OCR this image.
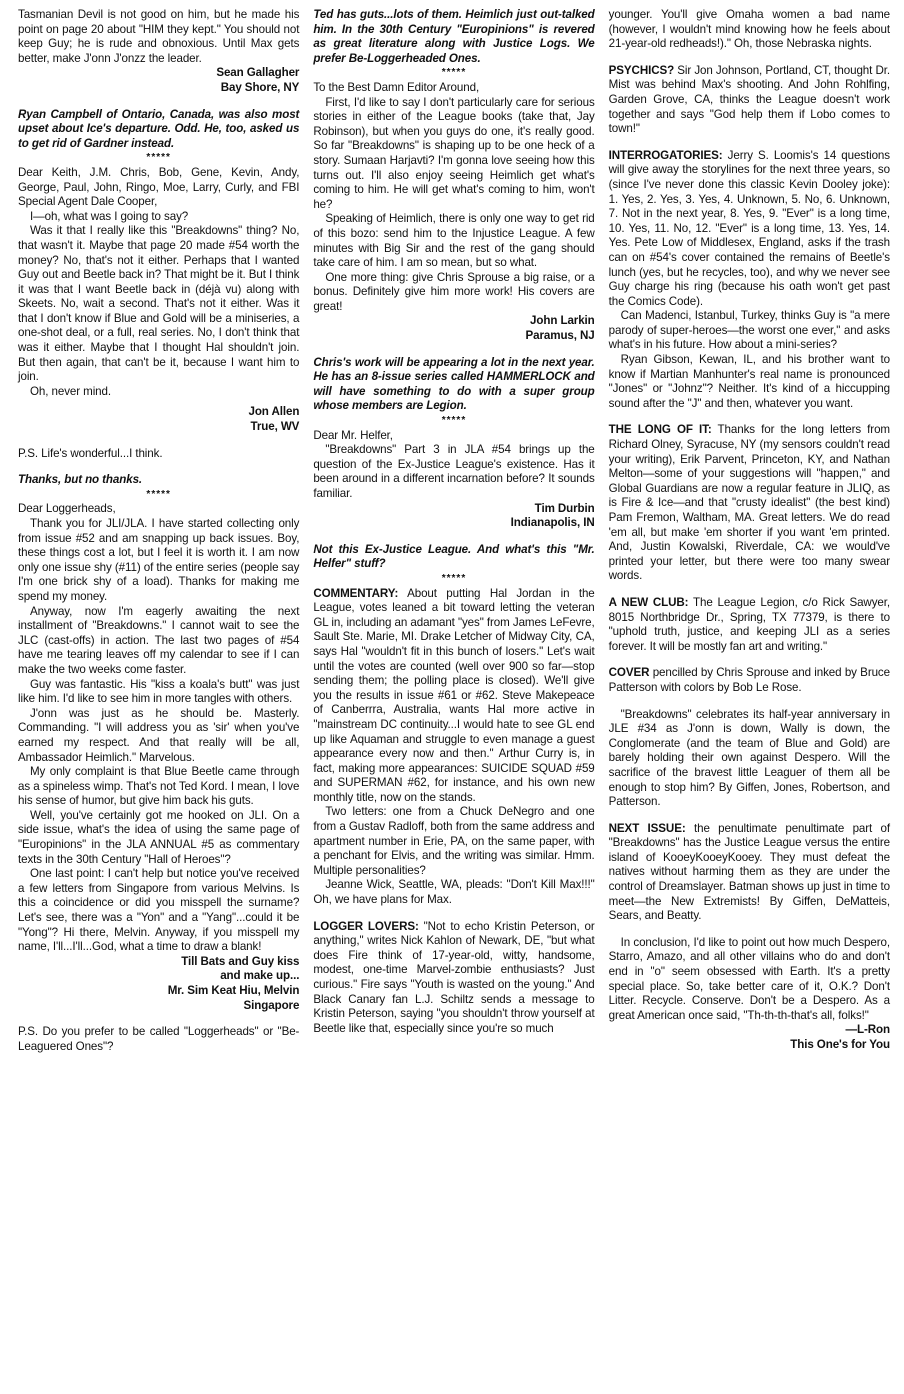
Tasmanian Devil is not good on him, but he made his point on page 20 about "HIM they kept." You should not keep Guy; he is rude and obnoxious. Until Max gets better, make J'onn J'onzz the leader.

Sean Gallagher

Bay Shore, NY

Ryan Campbell of Ontario, Canada, was also most upset about Ice's departure. Odd. He, too, asked us to get rid of Gardner instead.

*****

Dear Keith, J.M. Chris, Bob, Gene, Kevin, Andy, George, Paul, John, Ringo, Moe, Larry, Curly, and FBI Special Agent Dale Cooper,

I—oh, what was I going to say?

Was it that I really like this "Breakdowns" thing? No, that wasn't it. Maybe that page 20 made #54 worth the money? No, that's not it either. Perhaps that I wanted Guy out and Beetle back in? That might be it. But I think it was that I want Beetle back in (déjà vu) along with Skeets. No, wait a second. That's not it either. Was it that I don't know if Blue and Gold will be a miniseries, a one-shot deal, or a full, real series. No, I don't think that was it either. Maybe that I thought Hal shouldn't join. But then again, that can't be it, because I want him to join.

Oh, never mind.

Jon Allen

True, WV

P.S. Life's wonderful...I think.

Thanks, but no thanks.

*****

Dear Loggerheads,

Thank you for JLI/JLA. I have started collecting only from issue #52 and am snapping up back issues. Boy, these things cost a lot, but I feel it is worth it. I am now only one issue shy (#11) of the entire series (people say I'm one brick shy of a load). Thanks for making me spend my money.

Anyway, now I'm eagerly awaiting the next installment of "Breakdowns." I cannot wait to see the JLC (cast-offs) in action. The last two pages of #54 have me tearing leaves off my calendar to see if I can make the two weeks come faster.

Guy was fantastic. His "kiss a koala's butt" was just like him. I'd like to see him in more tangles with others.

J'onn was just as he should be. Masterly. Commanding. "I will address you as 'sir' when you've earned my respect. And that really will be all, Ambassador Heimlich." Marvelous.

My only complaint is that Blue Beetle came through as a spineless wimp. That's not Ted Kord. I mean, I love his sense of humor, but give him back his guts.

Well, you've certainly got me hooked on JLI. On a side issue, what's the idea of using the same page of "Europinions" in the JLA ANNUAL #5 as commentary texts in the 30th Century "Hall of Heroes"?

One last point: I can't help but notice you've received a few letters from Singapore from various Melvins. Is this a coincidence or did you misspell the surname? Let's see, there was a "Yon" and a "Yang"...could it be "Yong"? Hi there, Melvin. Anyway, if you misspell my name, I'll...I'll...God, what a time to draw a blank!

Till Bats and Guy kiss

and make up...

Mr. Sim Keat Hiu, Melvin

Singapore

P.S. Do you prefer to be called "Loggerheads" or "Be-Leaguered Ones"?

Ted has guts...lots of them. Heimlich just out-talked him. In the 30th Century "Europinions" is revered as great literature along with Justice Logs. We prefer Be-Loggerheaded Ones.

*****

To the Best Damn Editor Around,

First, I'd like to say I don't particularly care for serious stories in either of the League books (take that, Jay Robinson), but when you guys do one, it's really good. So far "Breakdowns" is shaping up to be one heck of a story. Sumaan Harjavti? I'm gonna love seeing how this turns out. I'll also enjoy seeing Heimlich get what's coming to him. He will get what's coming to him, won't he?

Speaking of Heimlich, there is only one way to get rid of this bozo: send him to the Injustice League. A few minutes with Big Sir and the rest of the gang should take care of him. I am so mean, but so what.

One more thing: give Chris Sprouse a big raise, or a bonus. Definitely give him more work! His covers are great!

John Larkin

Paramus, NJ

Chris's work will be appearing a lot in the next year. He has an 8-issue series called HAMMERLOCK and will have something to do with a super group whose members are Legion.

*****

Dear Mr. Helfer,

"Breakdowns" Part 3 in JLA #54 brings up the question of the Ex-Justice League's existence. Has it been around in a different incarnation before? It sounds familiar.

Tim Durbin

Indianapolis, IN

Not this Ex-Justice League. And what's this "Mr. Helfer" stuff?

*****

COMMENTARY: About putting Hal Jordan in the League, votes leaned a bit toward letting the veteran GL in, including an adamant "yes" from James LeFevre, Sault Ste. Marie, MI. Drake Letcher of Midway City, CA, says Hal "wouldn't fit in this bunch of losers." Let's wait until the votes are counted (well over 900 so far—stop sending them; the polling place is closed). We'll give you the results in issue #61 or #62. Steve Makepeace of Canberrra, Australia, wants Hal more active in "mainstream DC continuity...I would hate to see GL end up like Aquaman and struggle to even manage a guest appearance every now and then." Arthur Curry is, in fact, making more appearances: SUICIDE SQUAD #59 and SUPERMAN #62, for instance, and his own new monthly title, now on the stands.

Two letters: one from a Chuck DeNegro and one from a Gustav Radloff, both from the same address and apartment number in Erie, PA, on the same paper, with a penchant for Elvis, and the writing was similar. Hmm. Multiple personalities?

Jeanne Wick, Seattle, WA, pleads: "Don't Kill Max!!!" Oh, we have plans for Max.

LOGGER LOVERS: "Not to echo Kristin Peterson, or anything," writes Nick Kahlon of Newark, DE, "but what does Fire think of 17-year-old, witty, handsome, modest, one-time Marvel-zombie enthusiasts? Just curious." Fire says "Youth is wasted on the young." And Black Canary fan L.J. Schiltz sends a message to Kristin Peterson, saying "you shouldn't throw yourself at Beetle like that, especially since you're so much

younger. You'll give Omaha women a bad name (however, I wouldn't mind knowing how he feels about 21-year-old redheads!)." Oh, those Nebraska nights.

PSYCHICS? Sir Jon Johnson, Portland, CT, thought Dr. Mist was behind Max's shooting. And John Rohlfing, Garden Grove, CA, thinks the League doesn't work together and says "God help them if Lobo comes to town!"

INTERROGATORIES: Jerry S. Loomis's 14 questions will give away the storylines for the next three years, so (since I've never done this classic Kevin Dooley joke): 1. Yes, 2. Yes, 3. Yes, 4. Unknown, 5. No, 6. Unknown, 7. Not in the next year, 8. Yes, 9. "Ever" is a long time, 10. Yes, 11. No, 12. "Ever" is a long time, 13. Yes, 14. Yes. Pete Low of Middlesex, England, asks if the trash can on #54's cover contained the remains of Beetle's lunch (yes, but he recycles, too), and why we never see Guy charge his ring (because his oath won't get past the Comics Code).

Can Madenci, Istanbul, Turkey, thinks Guy is "a mere parody of super-heroes—the worst one ever," and asks what's in his future. How about a mini-series?

Ryan Gibson, Kewan, IL, and his brother want to know if Martian Manhunter's real name is pronounced "Jones" or "Johnz"? Neither. It's kind of a hiccupping sound after the "J" and then, whatever you want.

THE LONG OF IT: Thanks for the long letters from Richard Olney, Syracuse, NY (my sensors couldn't read your writing), Erik Parvent, Princeton, KY, and Nathan Melton—some of your suggestions will "happen," and Global Guardians are now a regular feature in JLIQ, as is Fire & Ice—and that "crusty idealist" (the best kind) Pam Fremon, Waltham, MA. Great letters. We do read 'em all, but make 'em shorter if you want 'em printed. And, Justin Kowalski, Riverdale, CA: we would've printed your letter, but there were too many swear words.

A NEW CLUB: The League Legion, c/o Rick Sawyer, 8015 Northbridge Dr., Spring, TX 77379, is there to "uphold truth, justice, and keeping JLI as a series forever. It will be mostly fan art and writing."

COVER pencilled by Chris Sprouse and inked by Bruce Patterson with colors by Bob Le Rose.

"Breakdowns" celebrates its half-year anniversary in JLE #34 as J'onn is down, Wally is down, the Conglomerate (and the team of Blue and Gold) are barely holding their own against Despero. Will the sacrifice of the bravest little Leaguer of them all be enough to stop him? By Giffen, Jones, Robertson, and Patterson.

NEXT ISSUE: the penultimate penultimate part of "Breakdowns" has the Justice League versus the entire island of KooeyKooeyKooey. They must defeat the natives without harming them as they are under the control of Dreamslayer. Batman shows up just in time to meet—the New Extremists! By Giffen, DeMatteis, Sears, and Beatty.

In conclusion, I'd like to point out how much Despero, Starro, Amazo, and all other villains who do and don't end in "o" seem obsessed with Earth. It's a pretty special place. So, take better care of it, O.K.? Don't Litter. Recycle. Conserve. Don't be a Despero. As a great American once said, "Th-th-th-that's all, folks!"

—L-Ron

This One's for You
